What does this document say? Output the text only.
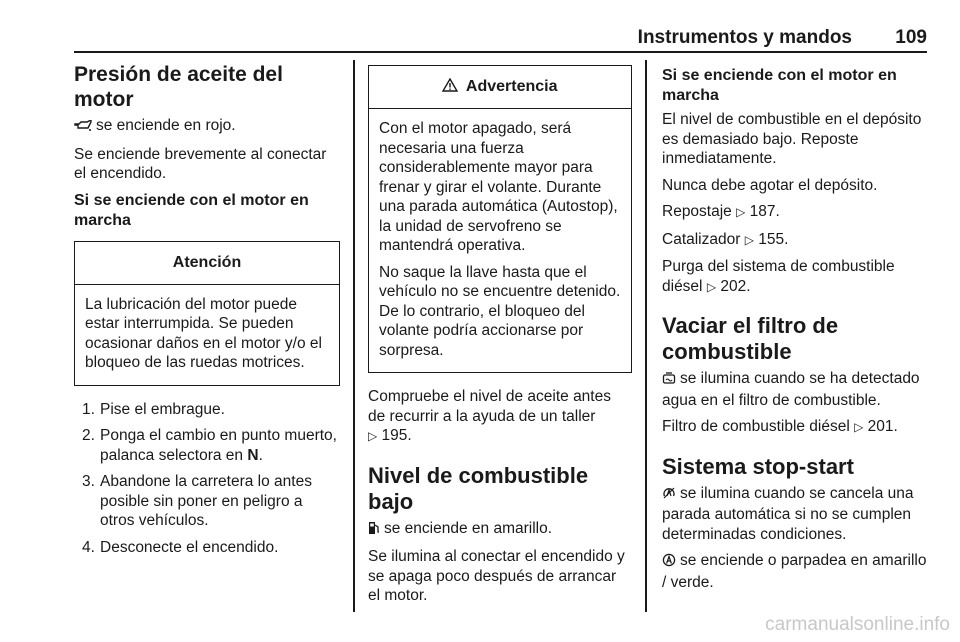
Instrumentos y mandos 109
Presión de aceite del motor

se enciende en rojo.

Se enciende brevemente al conectar el encendido.

Si se enciende con el motor en marcha
Atención

La lubricación del motor puede estar interrumpida. Se pueden ocasionar daños en el motor y/o el bloqueo de las ruedas motrices.

1. Pise el embrague.
2. Ponga el cambio en punto muerto, palanca selectora en N.
3. Abandone la carretera lo antes posible sin poner en peligro a otros vehículos.
4. Desconecte el encendido.
Advertencia

Con el motor apagado, será necesaria una fuerza considerablemente mayor para frenar y girar el volante. Durante una parada automática (Autostop), la unidad de servofreno se mantendrá operativa.

No saque la llave hasta que el vehículo no se encuentre detenido. De lo contrario, el bloqueo del volante podría accionarse por sorpresa.

Compruebe el nivel de aceite antes de recurrir a la ayuda de un taller
▷ 195.

Nivel de combustible bajo

se enciende en amarillo.

Se ilumina al conectar el encendido y se apaga poco después de arrancar el motor.

Si se enciende con el motor en marcha

El nivel de combustible en el depósito es demasiado bajo. Reposte inmediatamente.

Nunca debe agotar el depósito.

Repostaje ▷ 187.

Catalizador ▷ 155.

Purga del sistema de combustible diésel ▷ 202.

Vaciar el filtro de combustible

se ilumina cuando se ha detectado agua en el filtro de combustible.

Filtro de combustible diésel ▷ 201.

Sistema stop-start

se ilumina cuando se cancela una parada automática si no se cumplen determinadas condiciones.

se enciende o parpadea en amarillo / verde.

carmanualsonline.info
